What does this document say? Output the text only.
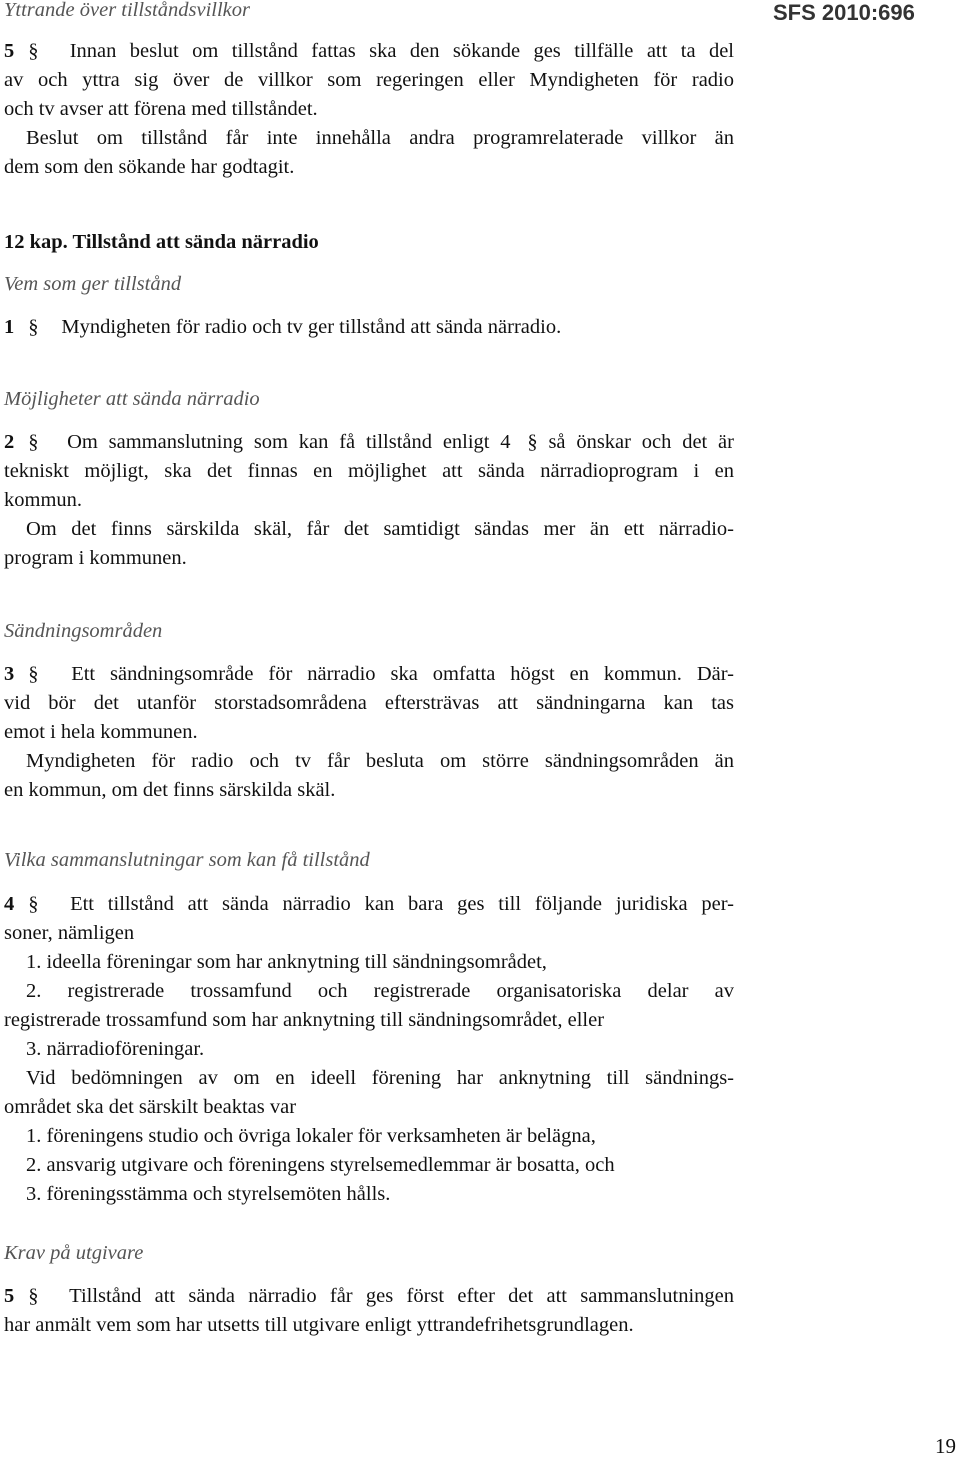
SFS 2010:696
Yttrande över tillståndsvillkor
5 § Innan beslut om tillstånd fattas ska den sökande ges tillfälle att ta del
av och yttra sig över de villkor som regeringen eller Myndigheten för radio
och tv avser att förena med tillståndet.
Beslut om tillstånd får inte innehålla andra programrelaterade villkor än
dem som den sökande har godtagit.
12 kap. Tillstånd att sända närradio
Vem som ger tillstånd
1 § Myndigheten för radio och tv ger tillstånd att sända närradio.
Möjligheter att sända närradio
2 § Om sammanslutning som kan få tillstånd enligt 4 § så önskar och det är
tekniskt möjligt, ska det finnas en möjlighet att sända närradioprogram i en
kommun.
Om det finns särskilda skäl, får det samtidigt sändas mer än ett närradio-
program i kommunen.
Sändningsområden
3 § Ett sändningsområde för närradio ska omfatta högst en kommun. Där-
vid bör det utanför storstadsområdena eftersträvas att sändningarna kan tas
emot i hela kommunen.
Myndigheten för radio och tv får besluta om större sändningsområden än
en kommun, om det finns särskilda skäl.
Vilka sammanslutningar som kan få tillstånd
4 § Ett tillstånd att sända närradio kan bara ges till följande juridiska per-
soner, nämligen
1. ideella föreningar som har anknytning till sändningsområdet,
2. registrerade trossamfund och registrerade organisatoriska delar av
registrerade trossamfund som har anknytning till sändningsområdet, eller
3. närradioföreningar.
Vid bedömningen av om en ideell förening har anknytning till sändnings-
området ska det särskilt beaktas var
1. föreningens studio och övriga lokaler för verksamheten är belägna,
2. ansvarig utgivare och föreningens styrelsemedlemmar är bosatta, och
3. föreningsstämma och styrelsemöten hålls.
Krav på utgivare
5 § Tillstånd att sända närradio får ges först efter det att sammanslutningen
har anmält vem som har utsetts till utgivare enligt yttrandefrihetsgrundlagen.
19
